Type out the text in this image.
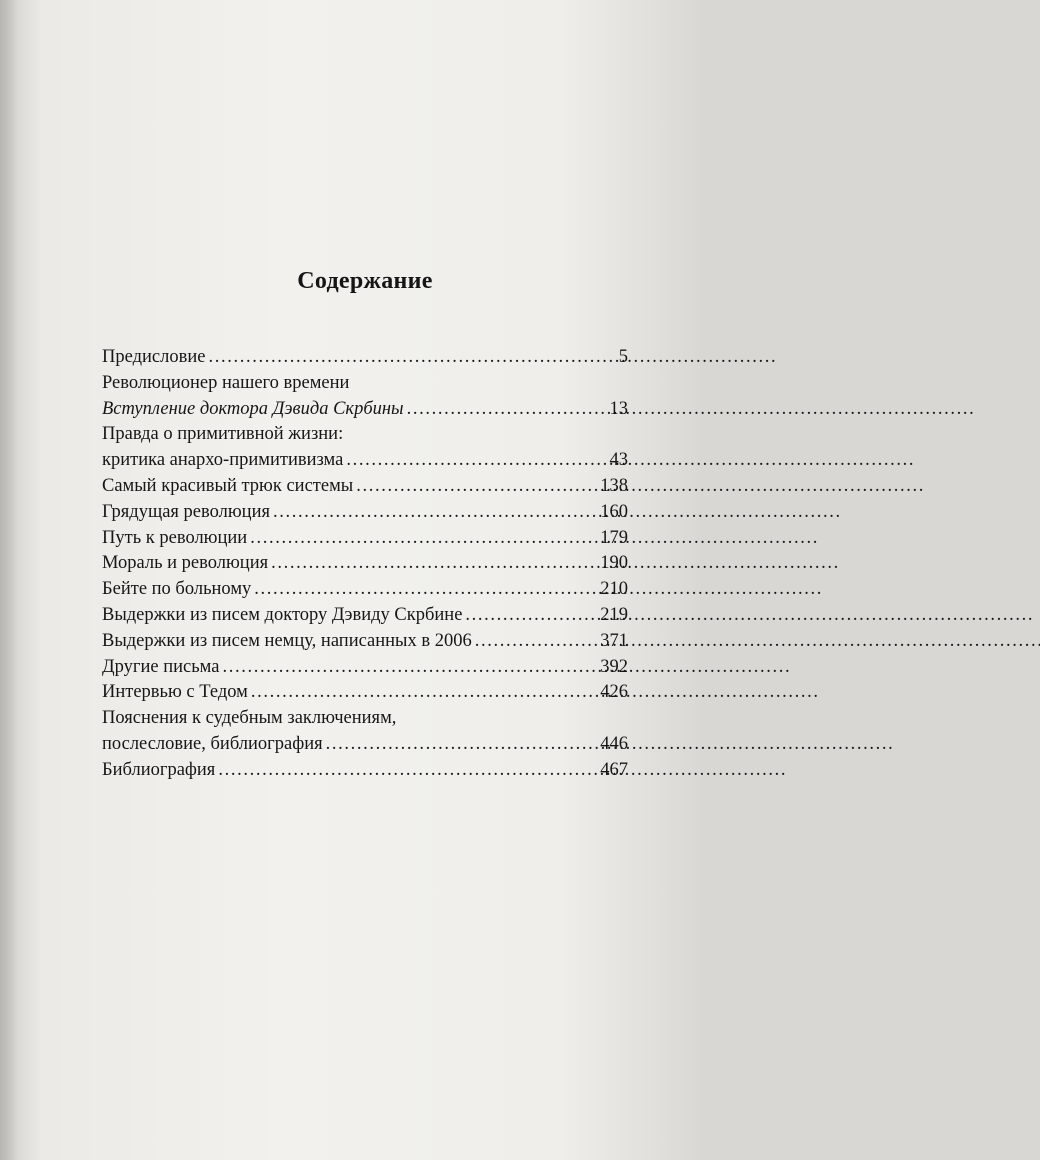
Содержание
Предисловие . . .	5
Революционер нашего времени
Вступление доктора Дэвида Скрбины . . .	13
Правда о примитивной жизни:
критика анархо-примитивизма . . .	43
Самый красивый трюк системы . . .	138
Грядущая революция . . .	160
Путь к революции . . .	179
Мораль и революция . . .	190
Бейте по больному . . .	210
Выдержки из писем доктору Дэвиду Скрбине . . .	219
Выдержки из писем немцу, написанных в 2006 . . .	371
Другие письма . . .	392
Интервью с Тедом . . .	426
Пояснения к судебным заключениям,
послесловие, библиография . . .	446
Библиография . . .	467
